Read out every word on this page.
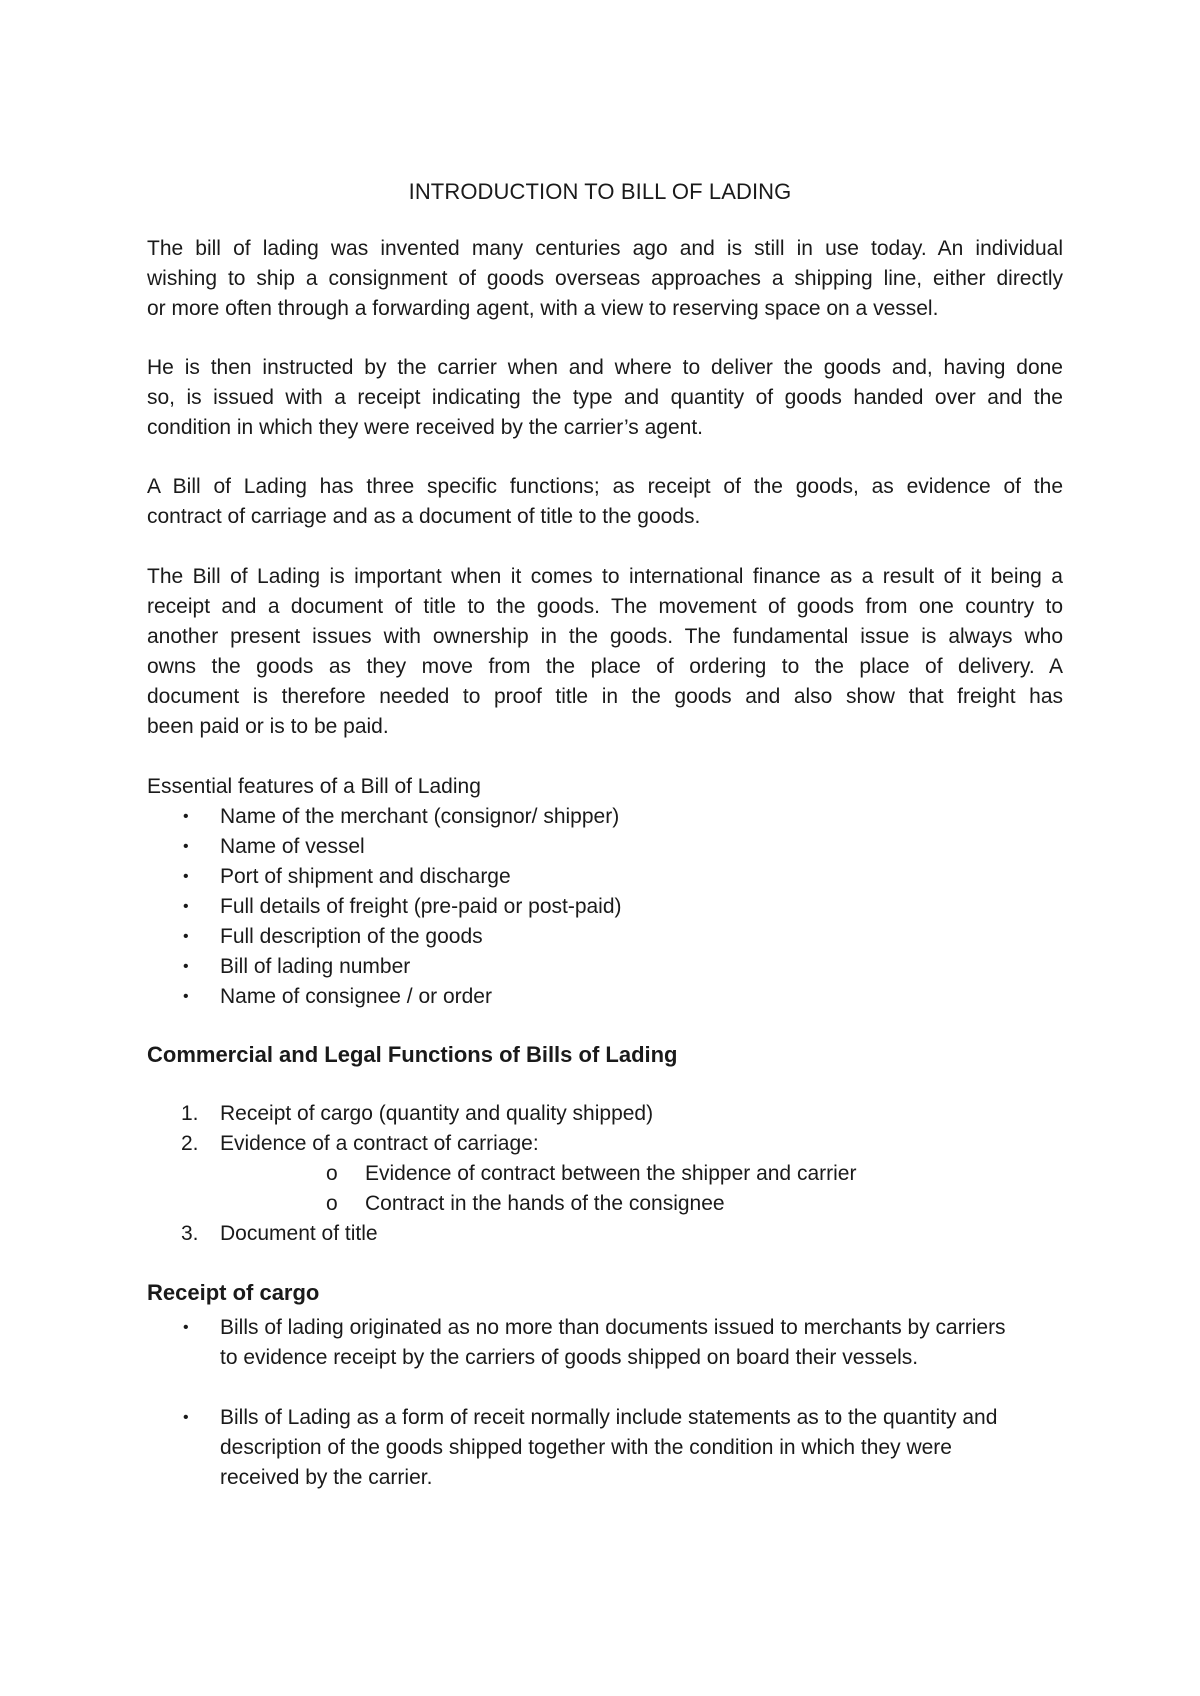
INTRODUCTION TO BILL OF LADING
The bill of lading was invented many centuries ago and is still in use today. An individual
wishing to ship a consignment of goods overseas approaches a shipping line, either directly
or more often through a forwarding agent, with a view to reserving space on a vessel.
He is then instructed by the carrier when and where to deliver the goods and, having done
so, is issued with a receipt indicating the type and quantity of goods handed over and the
condition in which they were received by the carrier’s agent.
A Bill of Lading has three specific functions; as receipt of the goods, as evidence of the
contract of carriage and as a document of title to the goods.
The Bill of Lading is important when it comes to international finance as a result of it being a
receipt and a document of title to the goods. The movement of goods from one country to
another present issues with ownership in the goods. The fundamental issue is always who
owns the goods as they move from the place of ordering to the place of delivery. A
document is therefore needed to proof title in the goods and also show that freight has
been paid or is to be paid.
Essential features of a Bill of Lading
• Name of the merchant (consignor/ shipper)
• Name of vessel
• Port of shipment and discharge
• Full details of freight (pre-paid or post-paid)
• Full description of the goods
• Bill of lading number
• Name of consignee / or order
Commercial and Legal Functions of Bills of Lading
1. Receipt of cargo (quantity and quality shipped)
2. Evidence of a contract of carriage:
o Evidence of contract between the shipper and carrier
o Contract in the hands of the consignee
3. Document of title
Receipt of cargo
• Bills of lading originated as no more than documents issued to merchants by carriers
to evidence receipt by the carriers of goods shipped on board their vessels.
• Bills of Lading as a form of receit normally include statements as to the quantity and
description of the goods shipped together with the condition in which they were
received by the carrier.
